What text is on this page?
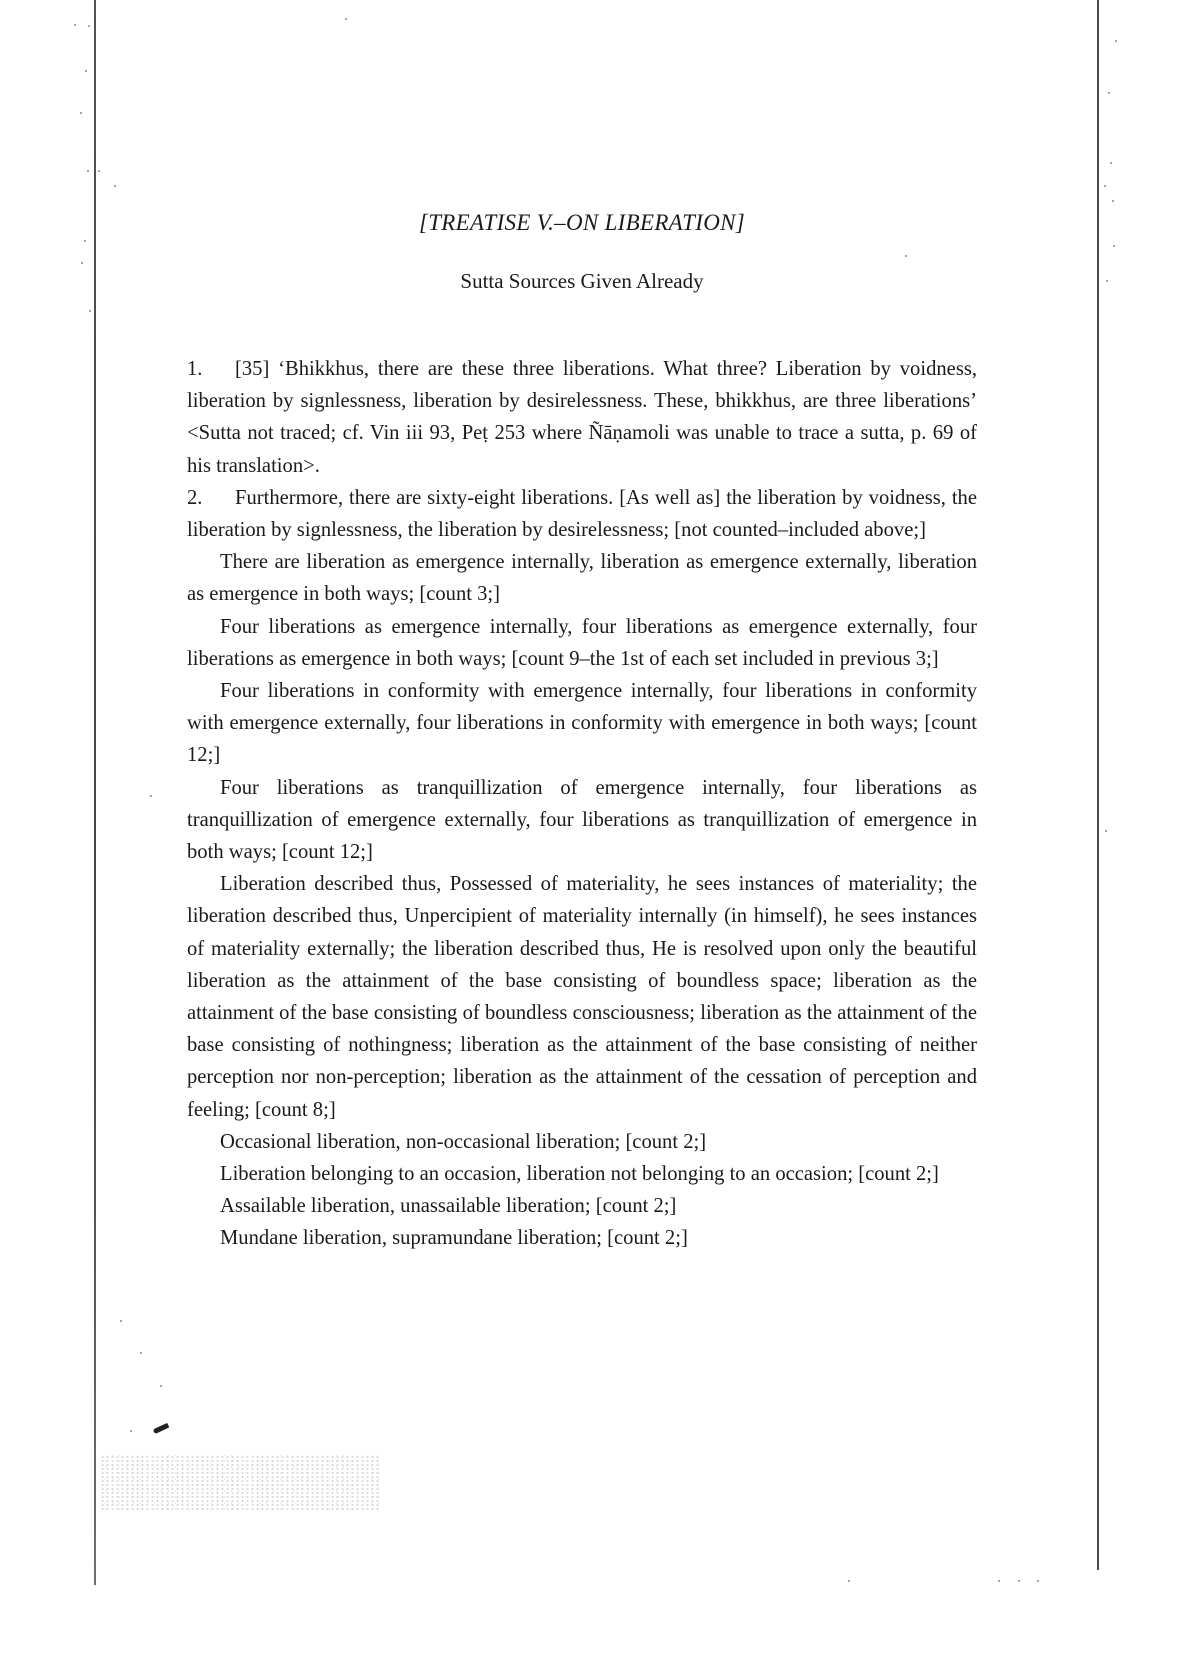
[TREATISE V.–ON LIBERATION]
Sutta Sources Given Already

1. [35] ‘Bhikkhus, there are these three liberations. What three? Liberation by voidness, liberation by signlessness, liberation by desirelessness. These, bhikkhus, are three liberations’ <Sutta not traced; cf. Vin iii 93, Peṭ 253 where Ñāṇamoli was unable to trace a sutta, p. 69 of his translation>.

2. Furthermore, there are sixty-eight liberations. [As well as] the liberation by voidness, the liberation by signlessness, the liberation by desirelessness; [not counted–included above;]

There are liberation as emergence internally, liberation as emergence externally, liberation as emergence in both ways; [count 3;]

Four liberations as emergence internally, four liberations as emergence externally, four liberations as emergence in both ways; [count 9–the 1st of each set included in previous 3;]

Four liberations in conformity with emergence internally, four liberations in conformity with emergence externally, four liberations in conformity with emergence in both ways; [count 12;]

Four liberations as tranquillization of emergence internally, four liberations as tranquillization of emergence externally, four liberations as tranquillization of emergence in both ways; [count 12;]

Liberation described thus, Possessed of materiality, he sees instances of materiality; the liberation described thus, Unpercipient of materiality internally (in himself), he sees instances of materiality externally; the liberation described thus, He is resolved upon only the beautiful liberation as the attainment of the base consisting of boundless space; liberation as the attainment of the base consisting of boundless consciousness; liberation as the attainment of the base consisting of nothingness; liberation as the attainment of the base consisting of neither perception nor non-perception; liberation as the attainment of the cessation of perception and feeling; [count 8;]

Occasional liberation, non-occasional liberation; [count 2;]

Liberation belonging to an occasion, liberation not belonging to an occasion; [count 2;]

Assailable liberation, unassailable liberation; [count 2;]

Mundane liberation, supramundane liberation; [count 2;]
